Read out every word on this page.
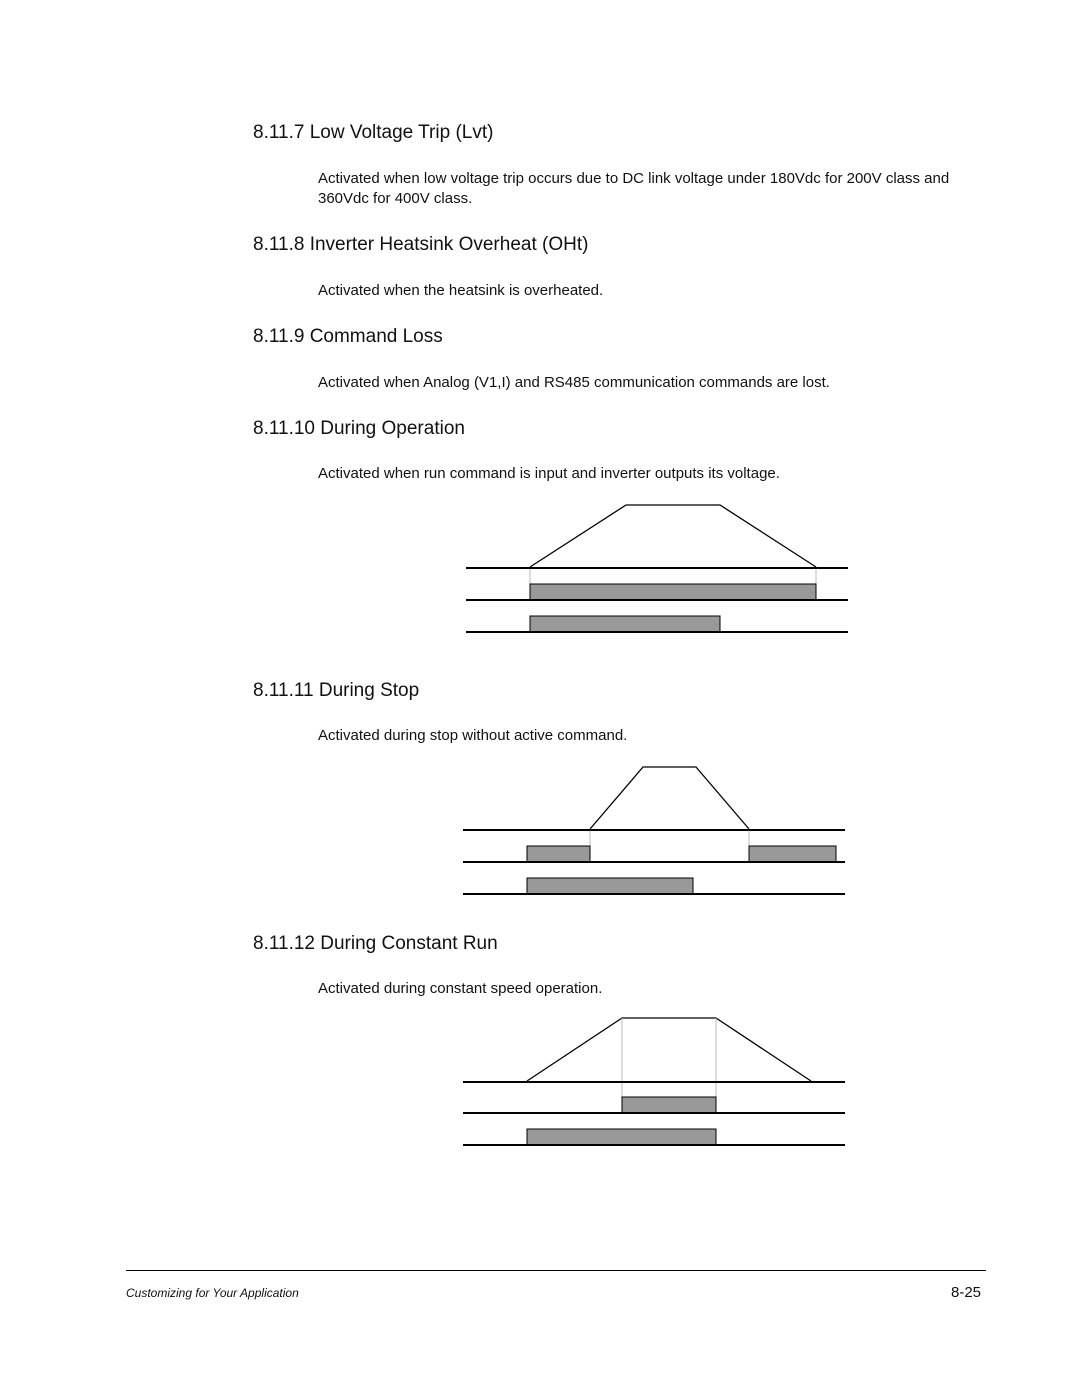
8.11.7 Low Voltage Trip (Lvt)

Activated when low voltage trip occurs due to DC link voltage under 180Vdc for 200V class and 360Vdc for 400V class.

8.11.8 Inverter Heatsink Overheat (OHt)

Activated when the heatsink is overheated.

8.11.9 Command Loss

Activated when Analog (V1,I) and RS485 communication commands are lost.

8.11.10 During Operation

Activated when run command is input and inverter outputs its voltage.

8.11.11 During Stop

Activated during stop without active command.

8.11.12 During Constant Run

Activated during constant speed operation.

Customizing for Your Application	8-25
